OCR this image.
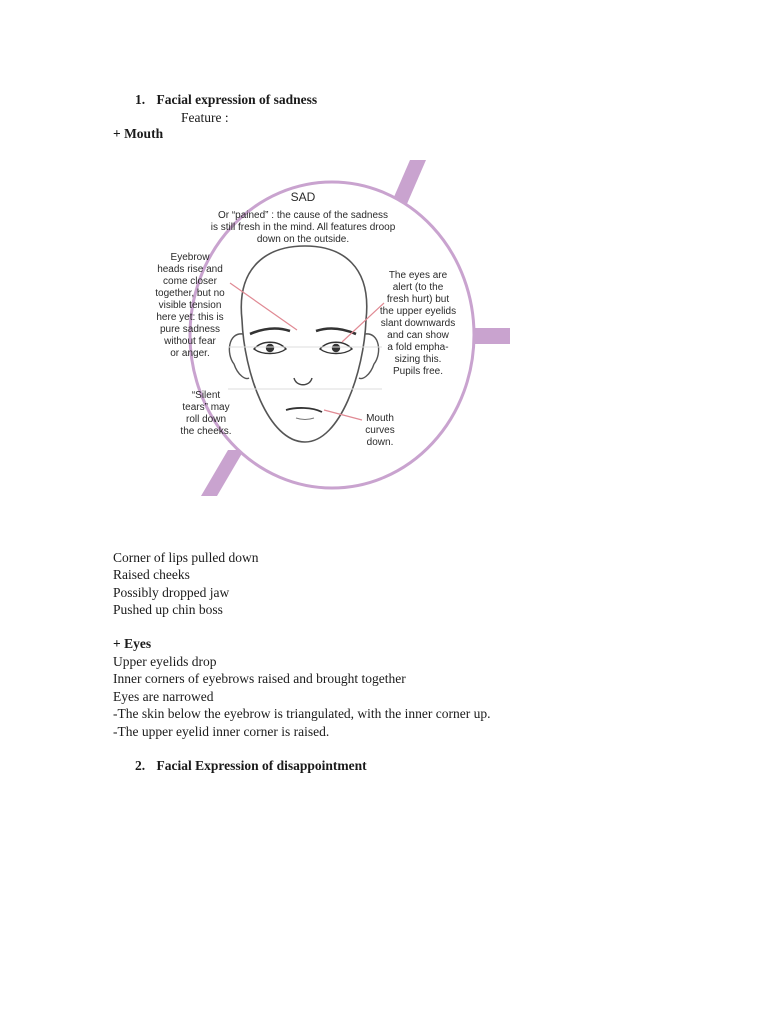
1. Facial expression of sadness
Feature :
+ Mouth
SAD
Or “pained” : the cause of the sadness
is still fresh in the mind. All features droop
down on the outside.
Eyebrow
heads rise and
come closer
together, but no
visible tension
here yet: this is
pure sadness
without fear
or anger.
The eyes are
alert (to the
fresh hurt) but
the upper eyelids
slant downwards
and can show
a fold empha-
sizing this.
Pupils free.
“Silent
tears” may
roll down
the cheeks.
Mouth
curves
down.
Corner of lips pulled down
Raised cheeks
Possibly dropped jaw
Pushed up chin boss
+ Eyes
Upper eyelids drop
Inner corners of eyebrows raised and brought together
Eyes are narrowed
-The skin below the eyebrow is triangulated, with the inner corner up.
-The upper eyelid inner corner is raised.
2. Facial Expression of disappointment
